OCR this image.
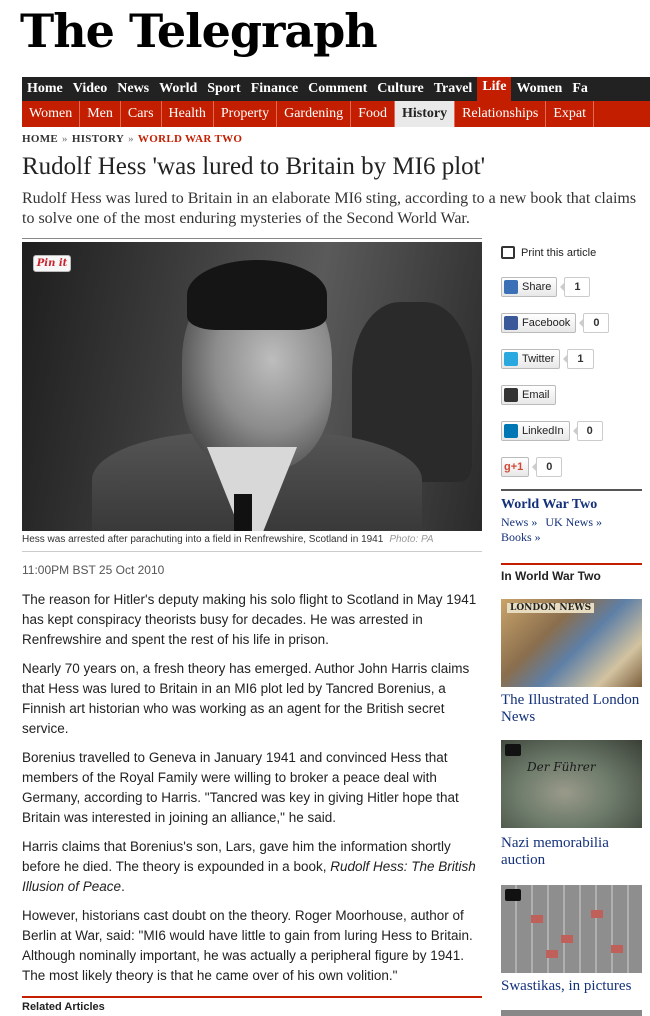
The Telegraph
Home Video News World Sport Finance Comment Culture Travel Life Women Fa
Women	Men	Cars	Health	Property	Gardening	Food	History	Relationships	Expat
HOME » HISTORY » WORLD WAR TWO
Rudolf Hess 'was lured to Britain by MI6 plot'
Rudolf Hess was lured to Britain in an elaborate MI6 sting, according to a new book that claims to solve one of the most enduring mysteries of the Second World War.
Pin it
Hess was arrested after parachuting into a field in Renfrewshire, Scotland in 1941 Photo: PA
11:00PM BST 25 Oct 2010

The reason for Hitler's deputy making his solo flight to Scotland in May 1941 has kept conspiracy theorists busy for decades. He was arrested in Renfrewshire and spent the rest of his life in prison.

Nearly 70 years on, a fresh theory has emerged. Author John Harris claims that Hess was lured to Britain in an MI6 plot led by Tancred Borenius, a Finnish art historian who was working as an agent for the British secret service.

Borenius travelled to Geneva in January 1941 and convinced Hess that members of the Royal Family were willing to broker a peace deal with Germany, according to Harris. "Tancred was key in giving Hitler hope that Britain was interested in joining an alliance," he said.

Harris claims that Borenius's son, Lars, gave him the information shortly before he died. The theory is expounded in a book, Rudolf Hess: The British Illusion of Peace.

However, historians cast doubt on the theory. Roger Moorhouse, author of Berlin at War, said: "MI6 would have little to gain from luring Hess to Britain. Although nominally important, he was actually a peripheral figure by 1941. The most likely theory is that he came over of his own volition."

Related Articles
Print this article
Share	1
Facebook	0
Twitter	1
Email
LinkedIn	0
g+1	0
World War Two
News » UK News »
Books »
In World War Two
LONDON NEWS
The Illustrated London News
Der Führer
Nazi memorabilia auction
Swastikas, in pictures
